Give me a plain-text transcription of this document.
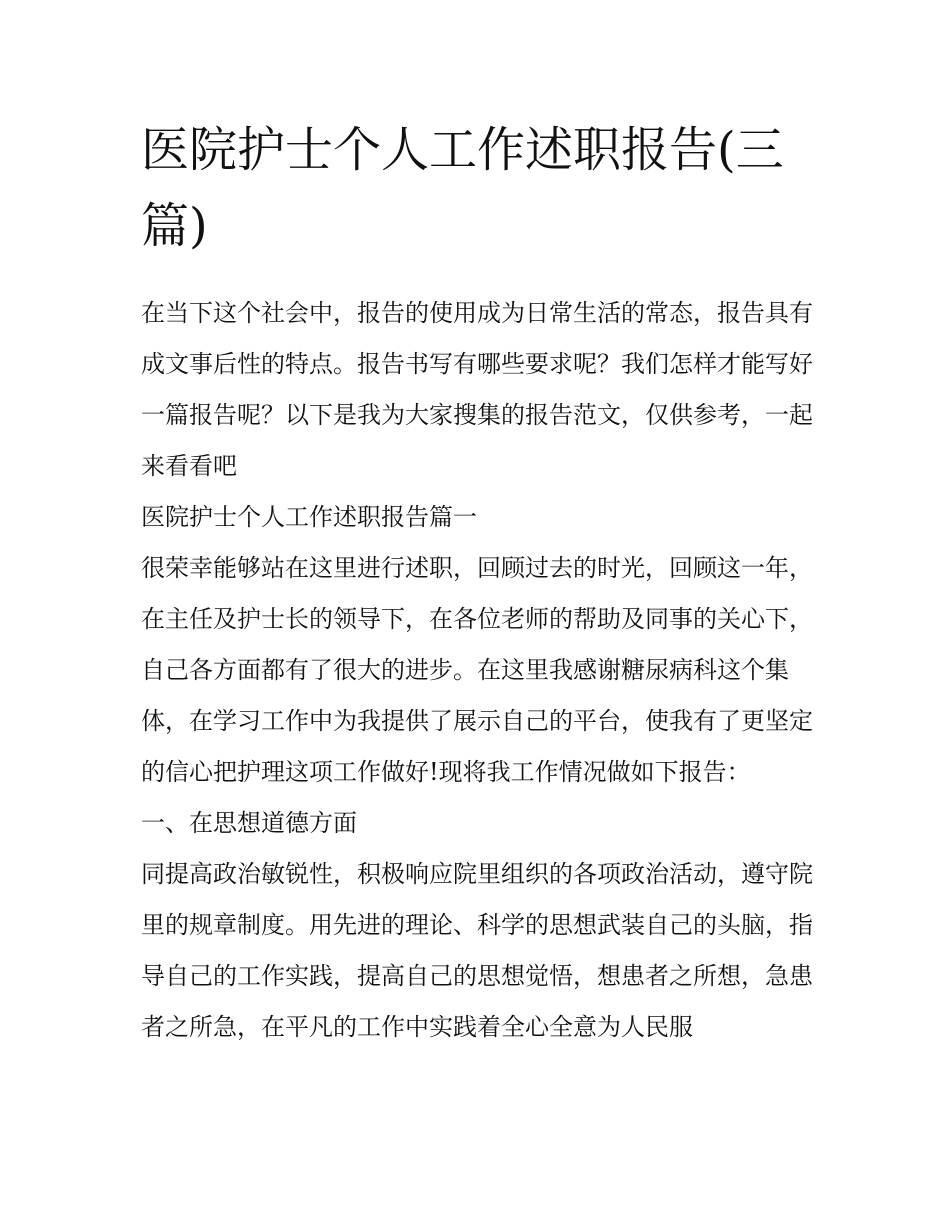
医院护士个人工作述职报告(三篇)

在当下这个社会中，报告的使用成为日常生活的常态，报告具有成文事后性的特点。报告书写有哪些要求呢？我们怎样才能写好一篇报告呢？以下是我为大家搜集的报告范文，仅供参考，一起来看看吧

医院护士个人工作述职报告篇一

很荣幸能够站在这里进行述职，回顾过去的时光，回顾这一年，在主任及护士长的领导下，在各位老师的帮助及同事的关心下，自己各方面都有了很大的进步。在这里我感谢糖尿病科这个集体，在学习工作中为我提供了展示自己的平台，使我有了更坚定的信心把护理这项工作做好!现将我工作情况做如下报告：

一、在思想道德方面

同提高政治敏锐性，积极响应院里组织的各项政治活动，遵守院里的规章制度。用先进的理论、科学的思想武装自己的头脑，指导自己的工作实践，提高自己的思想觉悟，想患者之所想，急患者之所急，在平凡的工作中实践着全心全意为人民服
